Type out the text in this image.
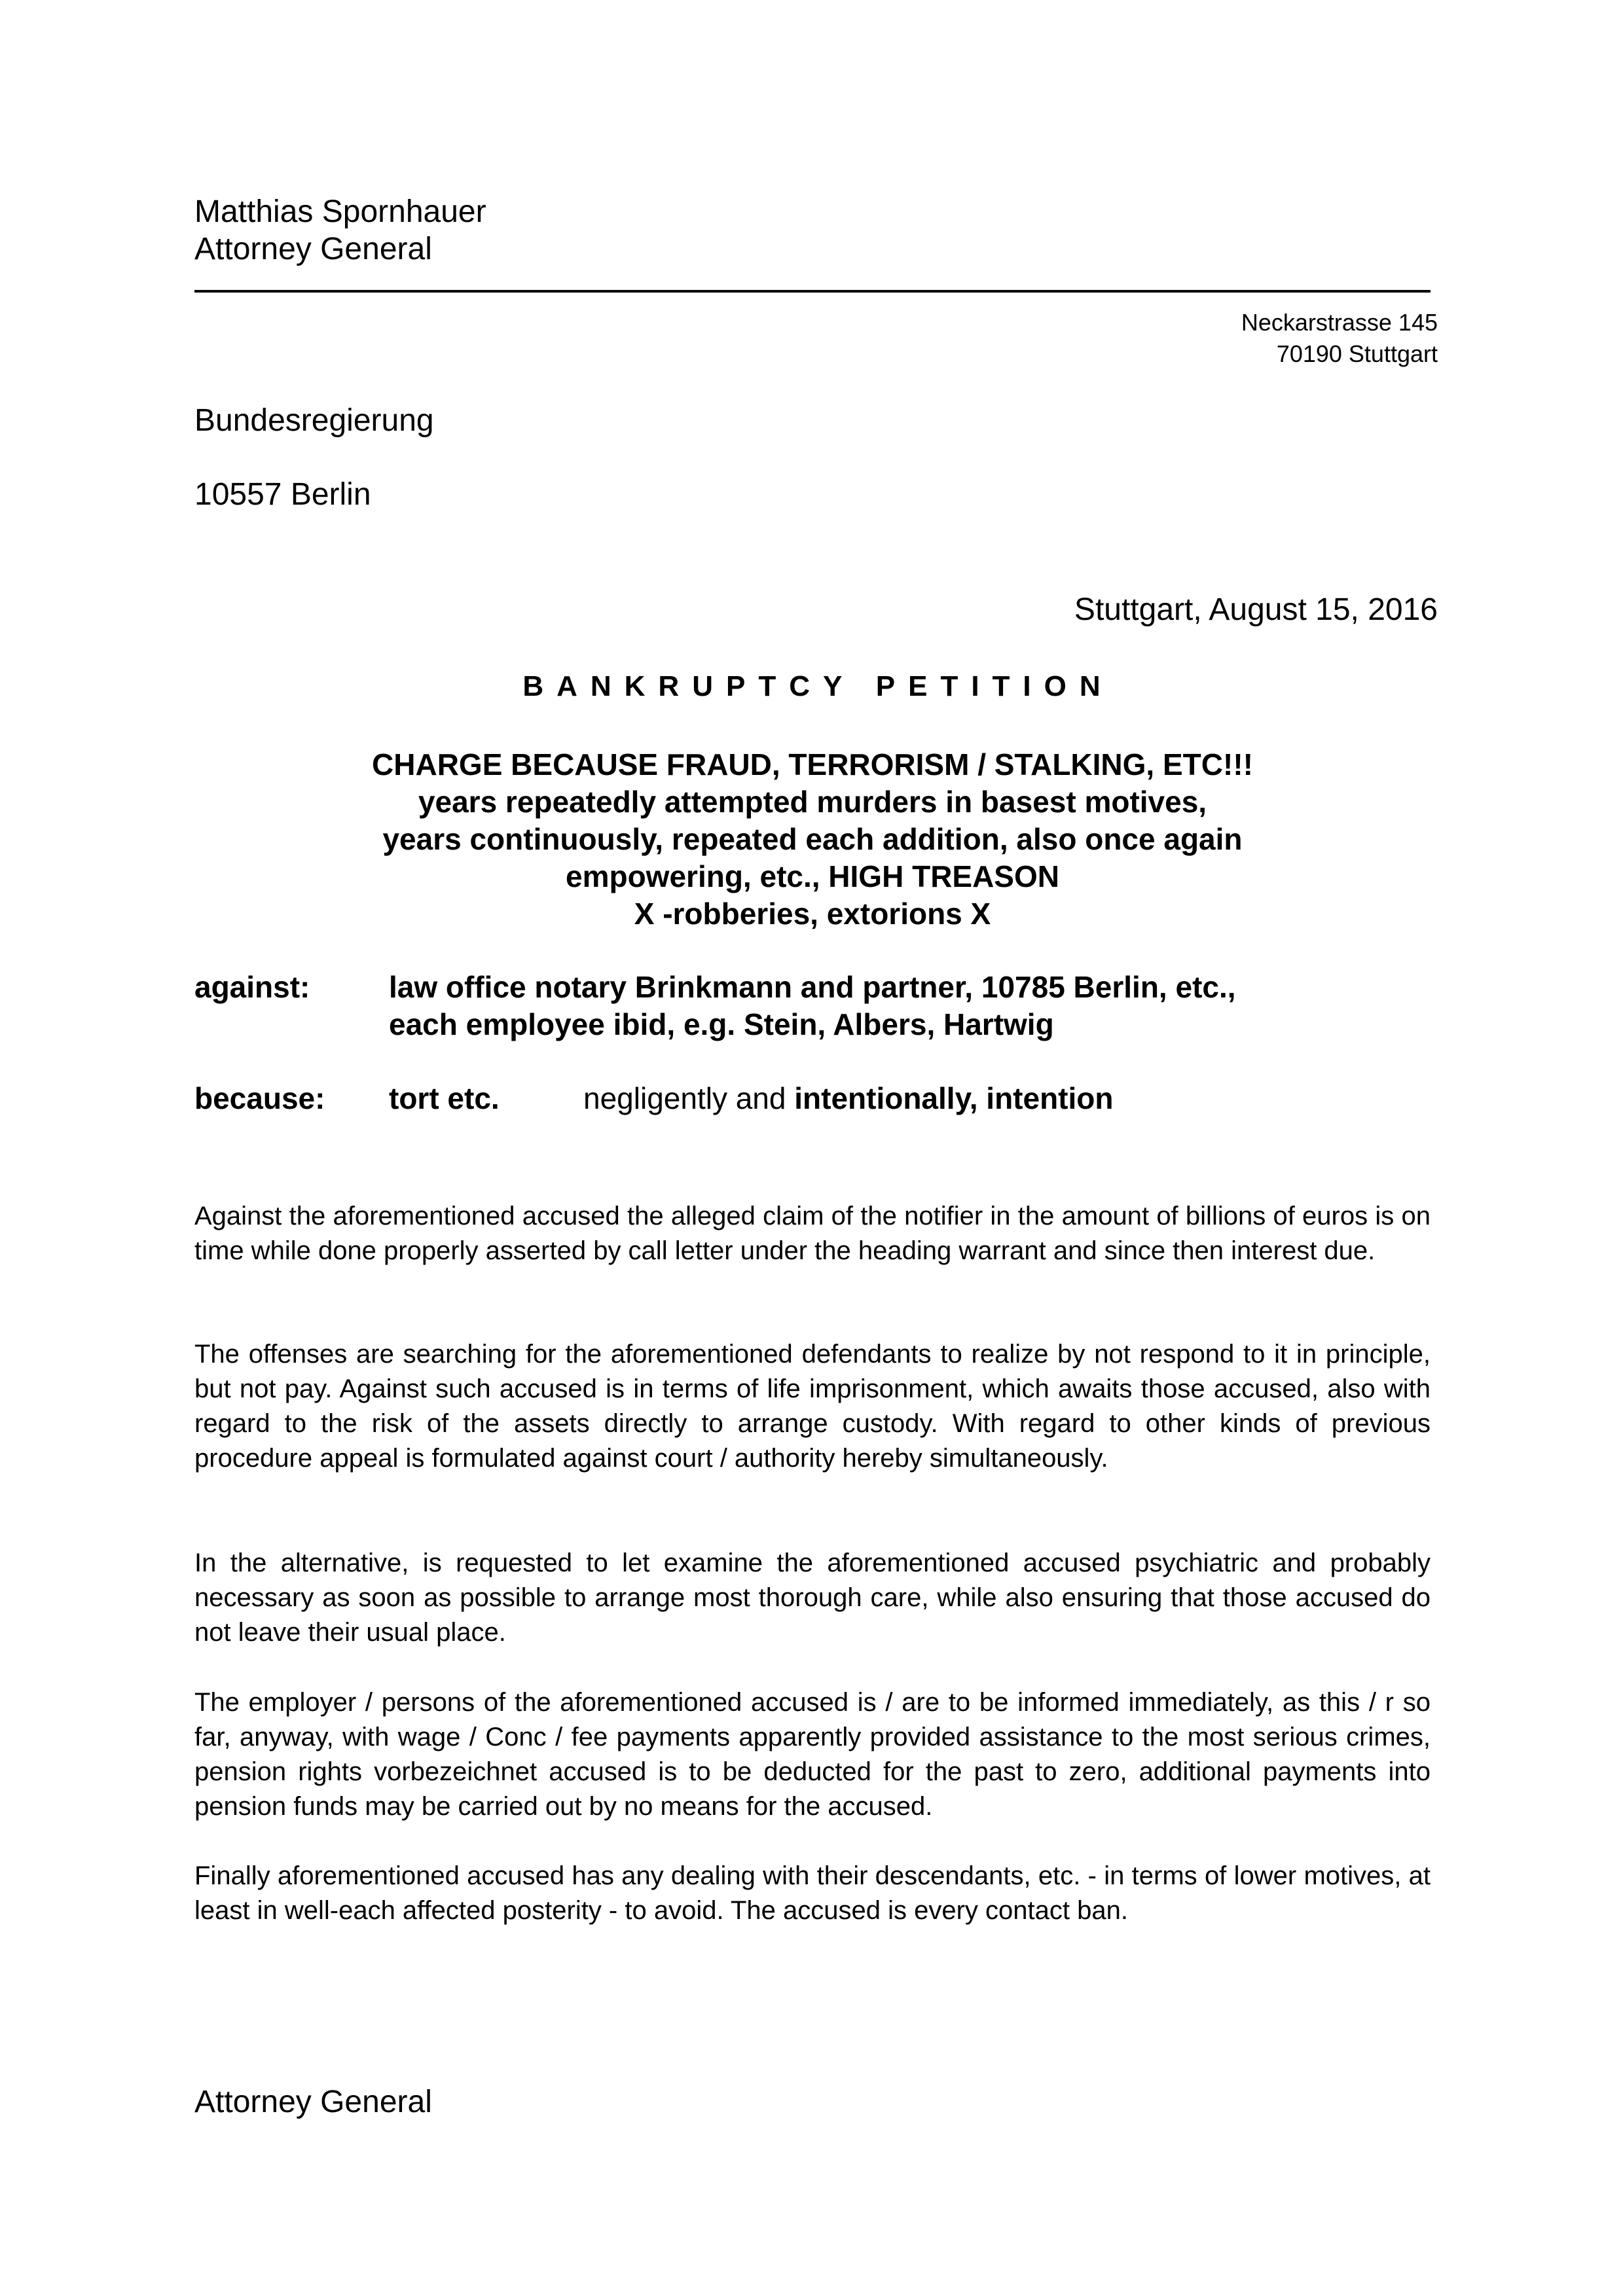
Matthias Spornhauer
Attorney General
Neckarstrasse 145
70190 Stuttgart
Bundesregierung
10557 Berlin
Stuttgart, August 15, 2016
BANKRUPTCY PETITION
CHARGE BECAUSE FRAUD, TERRORISM / STALKING, ETC!!!
years repeatedly attempted murders in basest motives,
years continuously, repeated each addition, also once again
empowering, etc., HIGH TREASON
X -robberies, extorions X
against:	law office notary Brinkmann and partner, 10785 Berlin, etc.,
each employee ibid, e.g. Stein, Albers, Hartwig
because: tort etc.	negligently and intentionally, intention

Against the aforementioned accused the alleged claim of the notifier in the amount of billions of euros is on time while done properly asserted by call letter under the heading warrant and since then interest due.

The offenses are searching for the aforementioned defendants to realize by not respond to it in principle, but not pay. Against such accused is in terms of life imprisonment, which awaits those accused, also with regard to the risk of the assets directly to arrange custody. With regard to other kinds of previous procedure appeal is formulated against court / authority hereby simultaneously.

In the alternative, is requested to let examine the aforementioned accused psychiatric and probably necessary as soon as possible to arrange most thorough care, while also ensuring that those accused do not leave their usual place.

The employer / persons of the aforementioned accused is / are to be informed immediately, as this / r so far, anyway, with wage / Conc / fee payments apparently provided assistance to the most serious crimes, pension rights vorbezeichnet accused is to be deducted for the past to zero, additional payments into pension funds may be carried out by no means for the accused.

Finally aforementioned accused has any dealing with their descendants, etc. - in terms of lower motives, at least in well-each affected posterity - to avoid. The accused is every contact ban.

Attorney General
